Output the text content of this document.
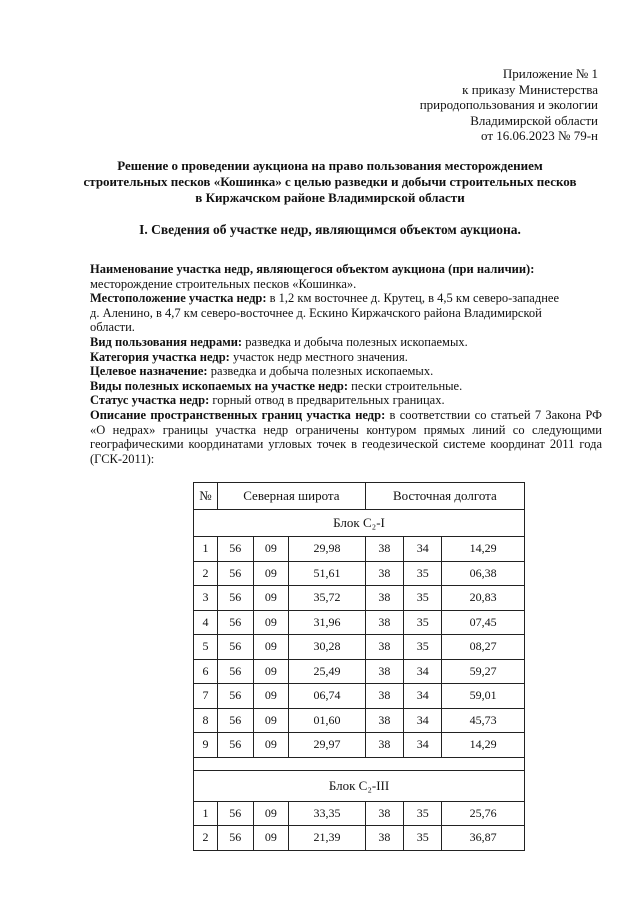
Приложение № 1
к приказу Министерства
природопользования и экологии
Владимирской области
от 16.06.2023 № 79-н
Решение о проведении аукциона на право пользования месторождением
строительных песков «Кошинка» с целью разведки и добычи строительных песков
в Киржачском районе Владимирской области
I. Сведения об участке недр, являющимся объектом аукциона.

Наименование участка недр, являющегося объектом аукциона (при наличии):

месторождение строительных песков «Кошинка».

Местоположение участка недр: в 1,2 км восточнее д. Крутец, в 4,5 км северо-западнее

д. Аленино, в 4,7 км северо-восточнее д. Ескино Киржачского района Владимирской

области.

Вид пользования недрами: разведка и добыча полезных ископаемых.

Категория участка недр: участок недр местного значения.

Целевое назначение: разведка и добыча полезных ископаемых.

Виды полезных ископаемых на участке недр: пески строительные.

Статус участка недр: горный отвод в предварительных границах.

Описание пространственных границ участка недр: в соответствии со статьей 7 Закона РФ «О недрах» границы участка недр ограничены контуром прямых линий со следующими географическими координатами угловых точек в геодезической системе координат 2011 года (ГСК-2011):

№	Северная широта			Восточная долгота		
Блок С₂-I						
1	56	09	29,98	38	34	14,29
2	56	09	51,61	38	35	06,38
3	56	09	35,72	38	35	20,83
4	56	09	31,96	38	35	07,45
5	56	09	30,28	38	35	08,27
6	56	09	25,49	38	34	59,27
7	56	09	06,74	38	34	59,01
8	56	09	01,60	38	34	45,73
9	56	09	29,97	38	34	14,29

Блок С₂-III						
1	56	09	33,35	38	35	25,76
2	56	09	21,39	38	35	36,87
